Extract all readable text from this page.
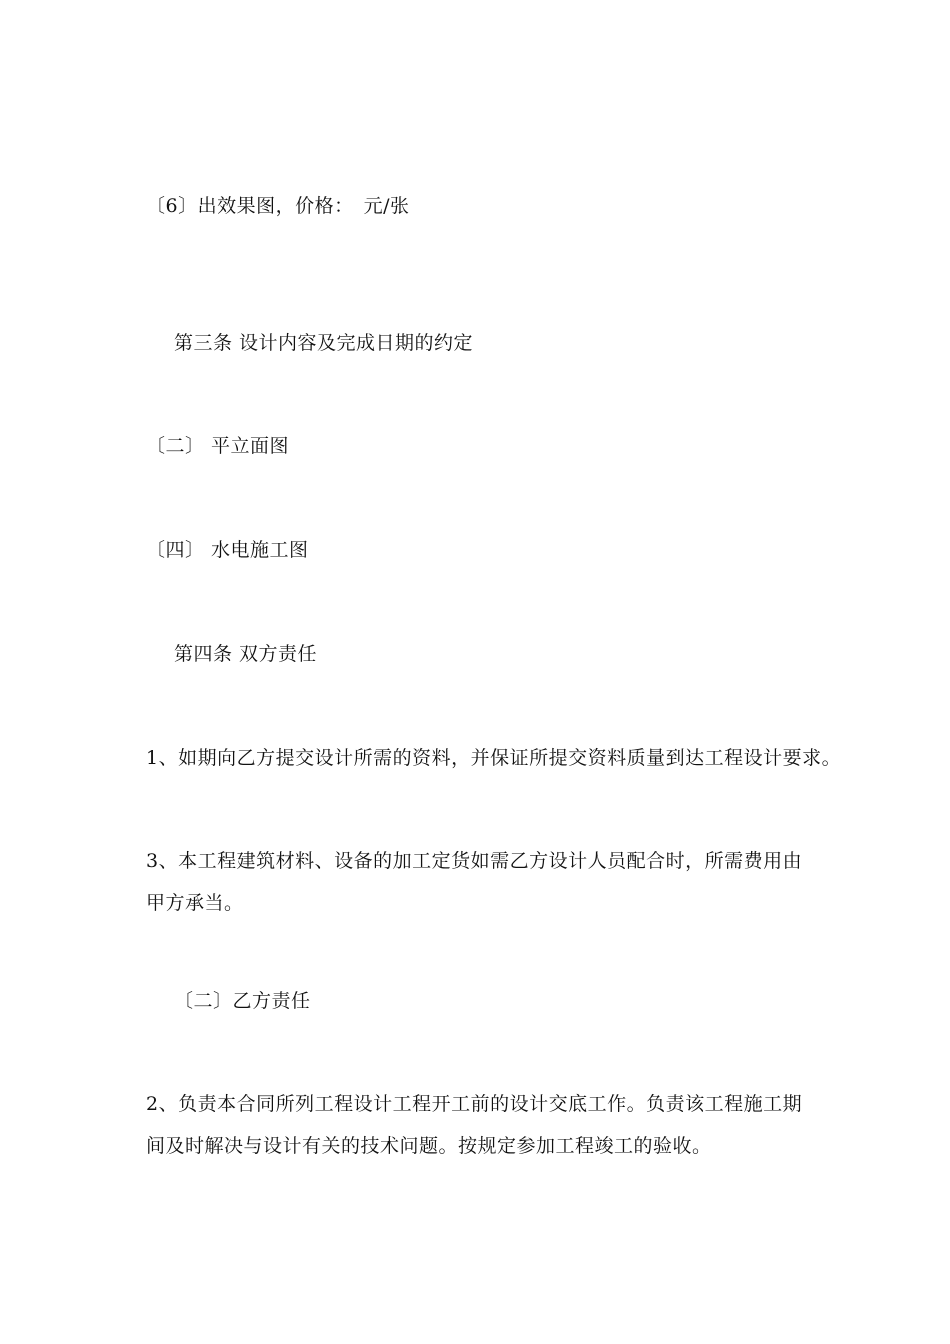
〔6〕出效果图，价格：　元/张
第三条 设计内容及完成日期的约定
〔二〕 平立面图
〔四〕 水电施工图
第四条 双方责任
1、如期向乙方提交设计所需的资料，并保证所提交资料质量到达工程设计要求。
3、本工程建筑材料、设备的加工定货如需乙方设计人员配合时，所需费用由甲方承当。
〔二〕乙方责任
2、负责本合同所列工程设计工程开工前的设计交底工作。负责该工程施工期间及时解决与设计有关的技术问题。按规定参加工程竣工的验收。
